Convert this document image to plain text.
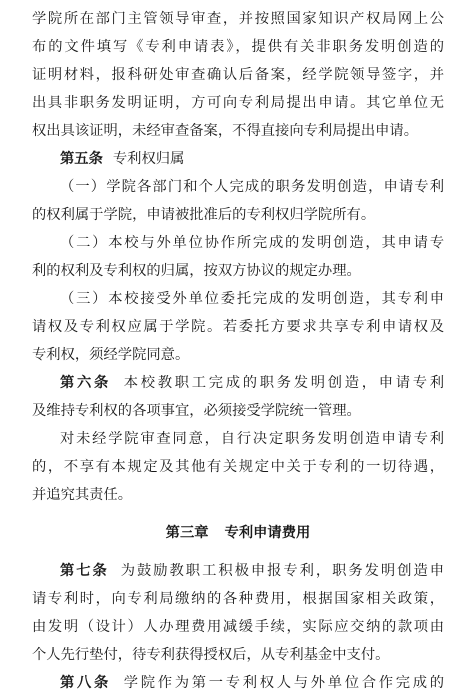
学院所在部门主管领导审查，并按照国家知识产权局网上公
布的文件填写《专利申请表》，提供有关非职务发明创造的
证明材料，报科研处审查确认后备案，经学院领导签字，并
出具非职务发明证明，方可向专利局提出申请。其它单位无
权出具该证明，未经审查备案，不得直接向专利局提出申请。
第五条 专利权归属
（一）学院各部门和个人完成的职务发明创造，申请专利
的权利属于学院，申请被批准后的专利权归学院所有。
（二）本校与外单位协作所完成的发明创造，其申请专
利的权利及专利权的归属，按双方协议的规定办理。
（三）本校接受外单位委托完成的发明创造，其专利申
请权及专利权应属于学院。若委托方要求共享专利申请权及
专利权，须经学院同意。
第六条 本校教职工完成的职务发明创造，申请专利
及维持专利权的各项事宜，必须接受学院统一管理。
对未经学院审查同意，自行决定职务发明创造申请专利
的，不享有本规定及其他有关规定中关于专利的一切待遇，
并追究其责任。
第三章 专利申请费用
第七条 为鼓励教职工积极申报专利，职务发明创造申
请专利时，向专利局缴纳的各种费用，根据国家相关政策，
由发明（设计）人办理费用减缓手续，实际应交纳的款项由
个人先行垫付，待专利获得授权后，从专利基金中支付。
第八条 学院作为第一专利权人与外单位合作完成的
